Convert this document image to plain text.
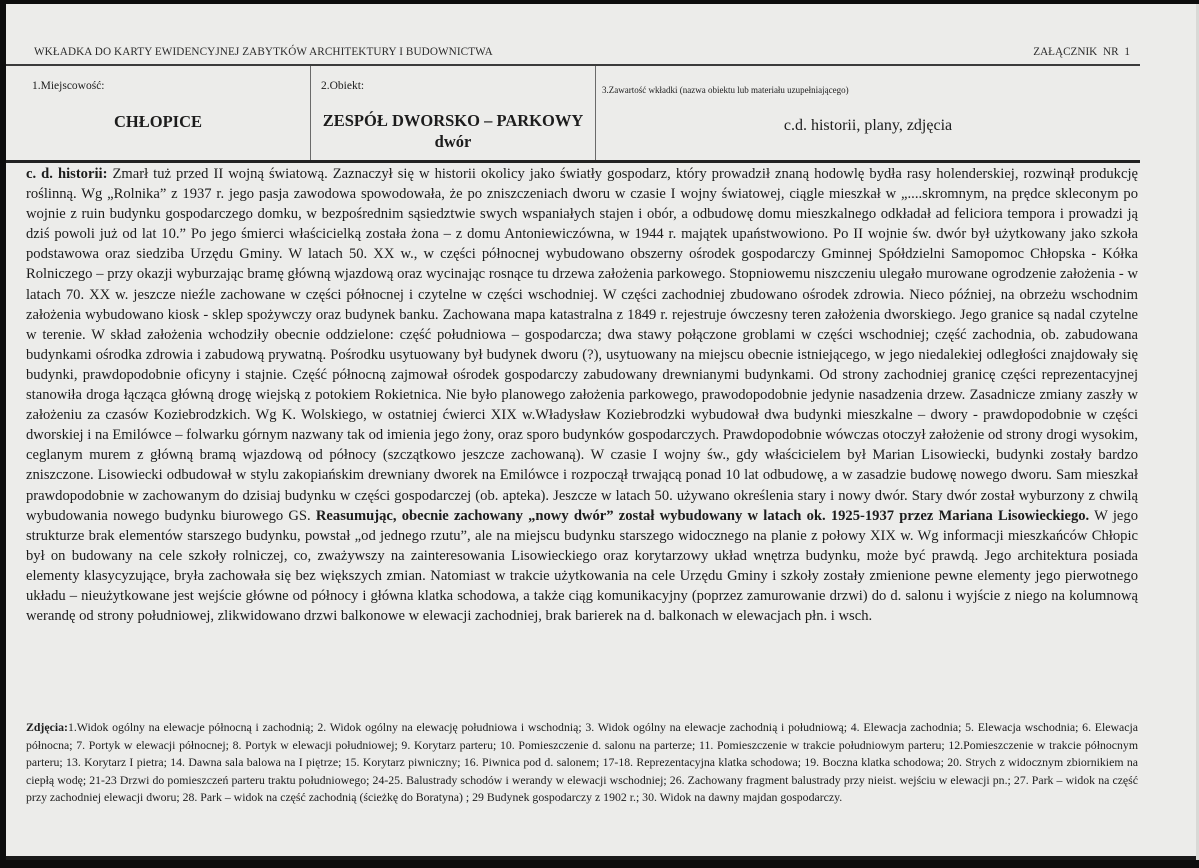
WKŁADKA DO KARTY EWIDENCYJNEJ ZABYTKÓW ARCHITEKTURY I BUDOWNICTWA	ZAŁĄCZNIK NR 1
1.Miejscowość:
CHŁOPICE
2.Obiekt:
ZESPÓŁ DWORSKO – PARKOWY
dwór
3.Zawartość wkładki (nazwa obiektu lub materiału uzupełniającego)
c.d. historii, plany, zdjęcia
c. d. historii: Zmarł tuż przed II wojną światową. Zaznaczył się w historii okolicy jako światły gospodarz, który prowadził znaną hodowlę bydła rasy holenderskiej, rozwinął produkcję roślinną. Wg „Rolnika” z 1937 r. jego pasja zawodowa spowodowała, że po zniszczeniach dworu w czasie I wojny światowej, ciągle mieszkał w „....skromnym, na prędce skleconym po wojnie z ruin budynku gospodarczego domku, w bezpośrednim sąsiedztwie swych wspaniałych stajen i obór, a odbudowę domu mieszkalnego odkładał ad feliciora tempora i prowadzi ją dziś powoli już od lat 10.” Po jego śmierci właścicielką została żona – z domu Antoniewiczówna, w 1944 r. majątek upaństwowiono. Po II wojnie św. dwór był użytkowany jako szkoła podstawowa oraz siedziba Urzędu Gminy. W latach 50. XX w., w części północnej wybudowano obszerny ośrodek gospodarczy Gminnej Spółdzielni Samopomoc Chłopska - Kółka Rolniczego – przy okazji wyburzając bramę główną wjazdową oraz wycinając rosnące tu drzewa założenia parkowego. Stopniowemu niszczeniu ulegało murowane ogrodzenie założenia - w latach 70. XX w. jeszcze nieźle zachowane w części północnej i czytelne w części wschodniej. W części zachodniej zbudowano ośrodek zdrowia. Nieco później, na obrzeżu wschodnim założenia wybudowano kiosk - sklep spożywczy oraz budynek banku. Zachowana mapa katastralna z 1849 r. rejestruje ówczesny teren założenia dworskiego. Jego granice są nadal czytelne w terenie. W skład założenia wchodziły obecnie oddzielone: część południowa – gospodarcza; dwa stawy połączone groblami w części wschodniej; część zachodnia, ob. zabudowana budynkami ośrodka zdrowia i zabudową prywatną. Pośrodku usytuowany był budynek dworu (?), usytuowany na miejscu obecnie istniejącego, w jego niedalekiej odległości znajdowały się budynki, prawdopodobnie oficyny i stajnie. Część północną zajmował ośrodek gospodarczy zabudowany drewnianymi budynkami. Od strony zachodniej granicę części reprezentacyjnej stanowiła droga łącząca główną drogę wiejską z potokiem Rokietnica. Nie było planowego założenia parkowego, prawodopodobnie jedynie nasadzenia drzew. Zasadnicze zmiany zaszły w założeniu za czasów Koziebrodzkich. Wg K. Wolskiego, w ostatniej ćwierci XIX w.Władysław Koziebrodzki wybudował dwa budynki mieszkalne – dwory - prawdopodobnie w części dworskiej i na Emilówce – folwarku górnym nazwany tak od imienia jego żony, oraz sporo budynków gospodarczych. Prawdopodobnie wówczas otoczył założenie od strony drogi wysokim, ceglanym murem z główną bramą wjazdową od północy (szczątkowo jeszcze zachowaną). W czasie I wojny św., gdy właścicielem był Marian Lisowiecki, budynki zostały bardzo zniszczone. Lisowiecki odbudował w stylu zakopiańskim drewniany dworek na Emilówce i rozpoczął trwającą ponad 10 lat odbudowę, a w zasadzie budowę nowego dworu. Sam mieszkał prawdopodobnie w zachowanym do dzisiaj budynku w części gospodarczej (ob. apteka). Jeszcze w latach 50. używano określenia stary i nowy dwór. Stary dwór został wyburzony z chwilą wybudowania nowego budynku biurowego GS. Reasumując, obecnie zachowany „nowy dwór” został wybudowany w latach ok. 1925-1937 przez Mariana Lisowieckiego. W jego strukturze brak elementów starszego budynku, powstał „od jednego rzutu”, ale na miejscu budynku starszego widocznego na planie z połowy XIX w. Wg informacji mieszkańców Chłopic był on budowany na cele szkoły rolniczej, co, zważywszy na zainteresowania Lisowieckiego oraz korytarzowy układ wnętrza budynku, może być prawdą. Jego architektura posiada elementy klasycyzujące, bryła zachowała się bez większych zmian. Natomiast w trakcie użytkowania na cele Urzędu Gminy i szkoły zostały zmienione pewne elementy jego pierwotnego układu – nieużytkowane jest wejście główne od północy i główna klatka schodowa, a także ciąg komunikacyjny (poprzez zamurowanie drzwi) do d. salonu i wyjście z niego na kolumnową werandę od strony południowej, zlikwidowano drzwi balkonowe w elewacji zachodniej, brak barierek na d. balkonach w elewacjach płn. i wsch.
Zdjęcia:1.Widok ogólny na elewacje północną i zachodnią; 2. Widok ogólny na elewację południowa i wschodnią; 3. Widok ogólny na elewacje zachodnią i południową; 4. Elewacja zachodnia; 5. Elewacja wschodnia; 6. Elewacja północna; 7. Portyk w elewacji północnej; 8. Portyk w elewacji południowej; 9. Korytarz parteru; 10. Pomieszczenie d. salonu na parterze; 11. Pomieszczenie w trakcie południowym parteru; 12.Pomieszczenie w trakcie północnym parteru; 13. Korytarz I pietra; 14. Dawna sala balowa na I piętrze; 15. Korytarz piwniczny; 16. Piwnica pod d. salonem; 17-18. Reprezentacyjna klatka schodowa; 19. Boczna klatka schodowa; 20. Strych z widocznym zbiornikiem na ciepłą wodę; 21-23 Drzwi do pomieszczeń parteru traktu południowego; 24-25. Balustrady schodów i werandy w elewacji wschodniej; 26. Zachowany fragment balustrady przy nieist. wejściu w elewacji pn.; 27. Park – widok na część przy zachodniej elewacji dworu; 28. Park – widok na część zachodnią (ścieżkę do Boratyna) ; 29 Budynek gospodarczy z 1902 r.; 30. Widok na dawny majdan gospodarczy.
